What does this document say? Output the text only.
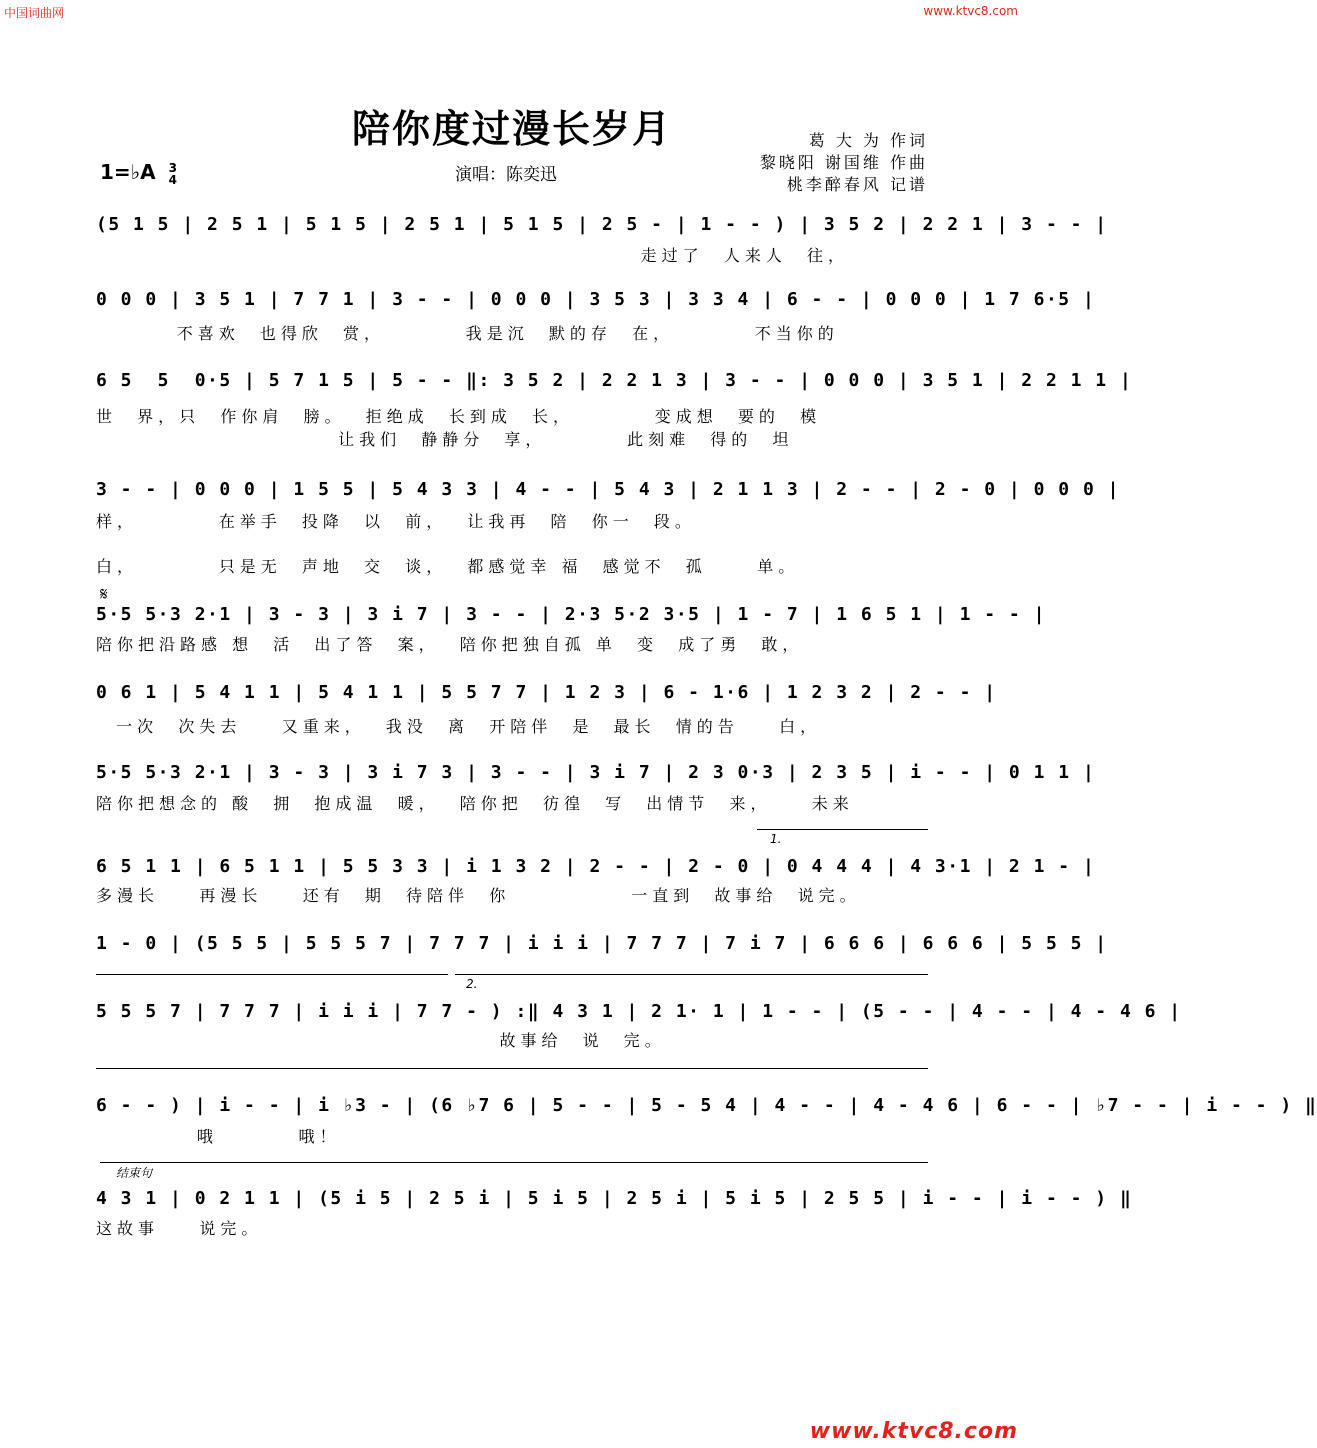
中国词曲网	www.ktvc8.com
陪你度过漫长岁月	葛 大 为 作词
黎晓阳 谢国维 作曲
桃李醉春风 记谱
1=♭A 3
4	演唱：陈奕迅
(5 1 5 | 2 5 1 | 5 1 5 | 2 5 1 | 5 1 5 | 2 5 - | 1 - - ) | 3 5 2 | 2 2 1 | 3 - - |
走过了  人来人  往，
0 0 0 | 3 5 1 | 7 7 1 | 3 - - | 0 0 0 | 3 5 3 | 3 3 4 | 6 - - | 0 0 0 | 1 7 6·5 |
不喜欢  也得欣  赏，        我是沉  默的存  在，        不当你的
6 5  5  0·5 | 5 7 1 5 | 5 - - ‖: 3 5 2 | 2 2 1 3 | 3 - - | 0 0 0 | 3 5 1 | 2 2 1 1 |
世  界，只  作你肩  膀。  拒绝成  长到成  长，        变成想  要的  模
让我们  静静分  享，        此刻难  得的  坦
3 - - | 0 0 0 | 1 5 5 | 5 4 3 3 | 4 - - | 5 4 3 | 2 1 1 3 | 2 - - | 2 - 0 | 0 0 0 |
样，        在举手  投降  以  前，  让我再  陪  你一  段。
白，        只是无  声地  交  谈，  都感觉幸 福  感觉不  孤     单。
𝄋
5·5 5·3 2·1 | 3 - 3 | 3 i 7 | 3 - - | 2·3 5·2 3·5 | 1 - 7 | 1 6 5 1 | 1 - - |
陪你把沿路感 想  活  出了答  案，  陪你把独自孤 单  变  成了勇  敢，
0 6 1 | 5 4 1 1 | 5 4 1 1 | 5 5 7 7 | 1 2 3 | 6 - 1·6 | 1 2 3 2 | 2 - - |
一次  次失去    又重来，  我没  离  开陪伴  是  最长  情的告    白，
5·5 5·3 2·1 | 3 - 3 | 3 i 7 3 | 3 - - | 3 i 7 | 2 3 0·3 | 2 3 5 | i - - | 0 1 1 |
陪你把想念的 酸  拥  抱成温  暖，  陪你把  彷徨  写  出情节  来，    未来
1.
6 5 1 1 | 6 5 1 1 | 5 5 3 3 | i 1 3 2 | 2 - - | 2 - 0 | 0 4 4 4 | 4 3·1 | 2 1 - |
多漫长    再漫长    还有  期  待陪伴  你            一直到  故事给  说完。
1 - 0 | (5 5 5 | 5 5 5 7 | 7 7 7 | i i i | 7 7 7 | 7 i 7 | 6 6 6 | 6 6 6 | 5 5 5 |
2.
5 5 5 7 | 7 7 7 | i i i | 7 7 - ) :‖ 4 3 1 | 2 1· 1 | 1 - - | (5 - - | 4 - - | 4 - 4 6 |
故事给  说  完。
6 - - ) | i - - | i ♭3 - | (6 ♭7 6 | 5 - - | 5 - 5 4 | 4 - - | 4 - 4 6 | 6 - - | ♭7 - - | i - - ) ‖
哦        哦！
结束句
4 3 1 | 0 2 1 1 | (5 i 5 | 2 5 i | 5 i 5 | 2 5 i | 5 i 5 | 2 5 5 | i - - | i - - ) ‖
这故事    说完。
www.ktvc8.com
